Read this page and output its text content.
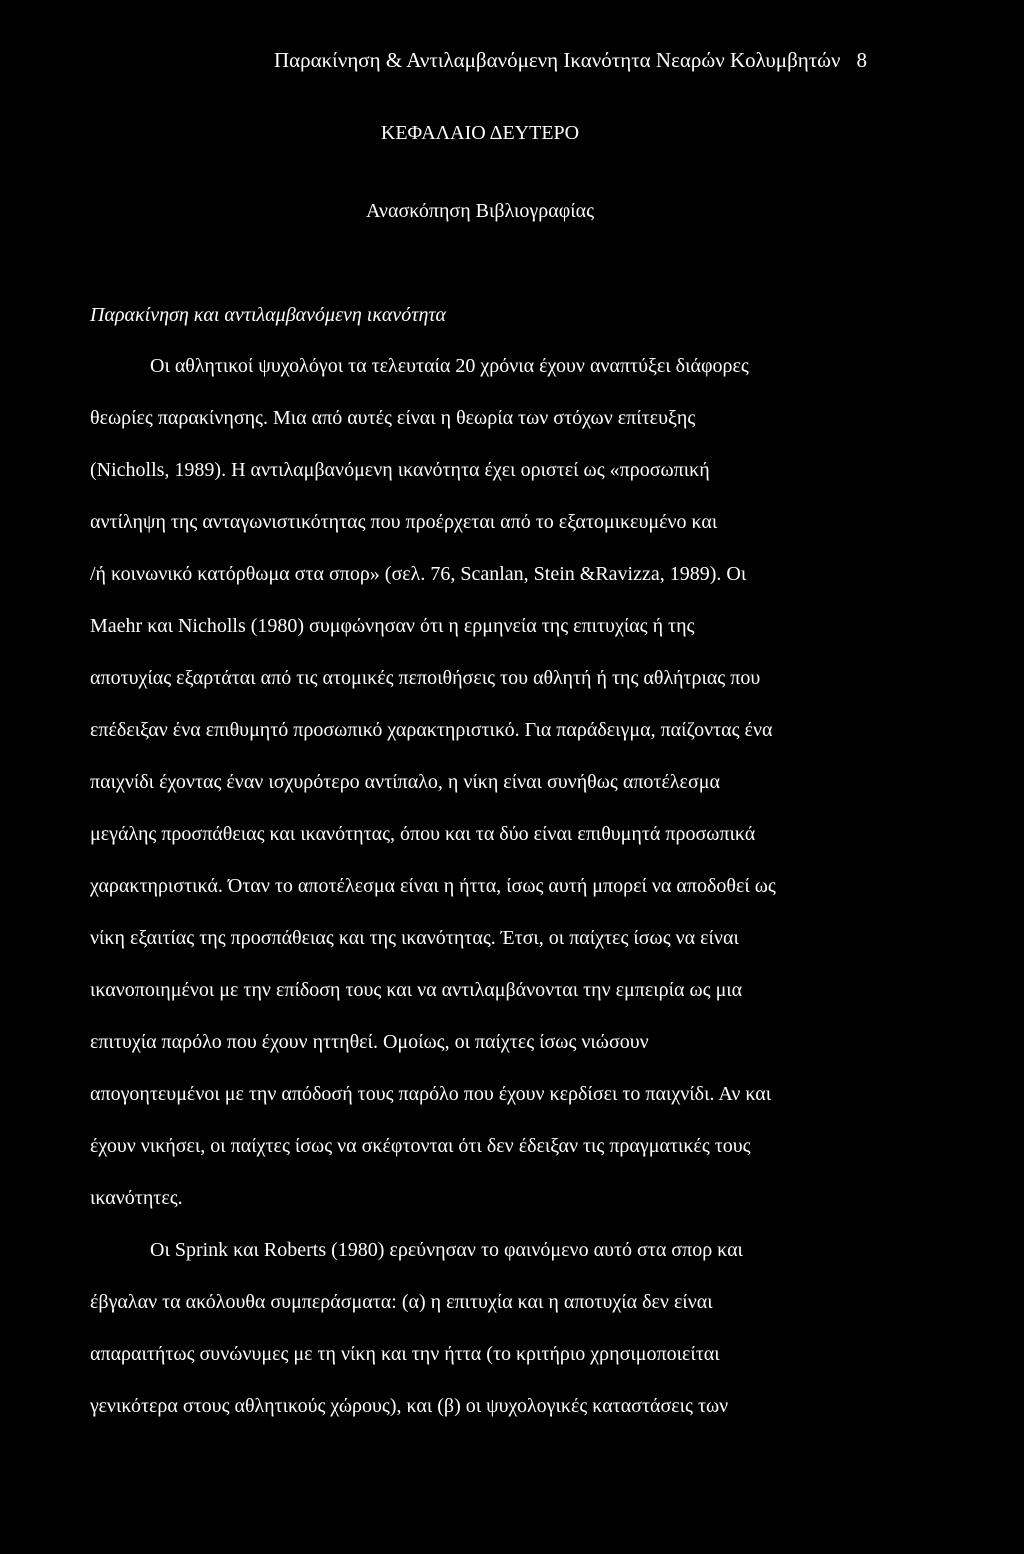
Παρακίνηση & Αντιλαμβανόμενη Ικανότητα Νεαρών Κολυμβητών 8
ΚΕΦΑΛΑΙΟ ΔΕΥΤΕΡΟ
Ανασκόπηση Βιβλιογραφίας
Παρακίνηση και αντιλαμβανόμενη ικανότητα
Οι αθλητικοί ψυχολόγοι τα τελευταία 20 χρόνια έχουν αναπτύξει διάφορες
θεωρίες παρακίνησης. Μια από αυτές είναι η θεωρία των στόχων επίτευξης
(Nicholls, 1989). Η αντιλαμβανόμενη ικανότητα έχει οριστεί ως «προσωπική
αντίληψη της ανταγωνιστικότητας που προέρχεται από το εξατομικευμένο και
/ή κοινωνικό κατόρθωμα στα σπορ» (σελ. 76, Scanlan, Stein &Ravizza, 1989). Οι
Maehr και Nicholls (1980) συμφώνησαν ότι η ερμηνεία της επιτυχίας ή της
αποτυχίας εξαρτάται από τις ατομικές πεποιθήσεις του αθλητή ή της αθλήτριας που
επέδειξαν ένα επιθυμητό προσωπικό χαρακτηριστικό. Για παράδειγμα, παίζοντας ένα
παιχνίδι έχοντας έναν ισχυρότερο αντίπαλο, η νίκη είναι συνήθως αποτέλεσμα
μεγάλης προσπάθειας και ικανότητας, όπου και τα δύο είναι επιθυμητά προσωπικά
χαρακτηριστικά. Όταν το αποτέλεσμα είναι η ήττα, ίσως αυτή μπορεί να αποδοθεί ως
νίκη εξαιτίας της προσπάθειας και της ικανότητας. Έτσι, οι παίχτες ίσως να είναι
ικανοποιημένοι με την επίδοση τους και να αντιλαμβάνονται την εμπειρία ως μια
επιτυχία παρόλο που έχουν ηττηθεί. Ομοίως, οι παίχτες ίσως νιώσουν
απογοητευμένοι με την απόδοσή τους παρόλο που έχουν κερδίσει το παιχνίδι. Αν και
έχουν νικήσει, οι παίχτες ίσως να σκέφτονται ότι δεν έδειξαν τις πραγματικές τους
ικανότητες.
Οι Sprink και Roberts (1980) ερεύνησαν το φαινόμενο αυτό στα σπορ και
έβγαλαν τα ακόλουθα συμπεράσματα: (α) η επιτυχία και η αποτυχία δεν είναι
απαραιτήτως συνώνυμες με τη νίκη και την ήττα (το κριτήριο χρησιμοποιείται
γενικότερα στους αθλητικούς χώρους), και (β) οι ψυχολογικές καταστάσεις των
